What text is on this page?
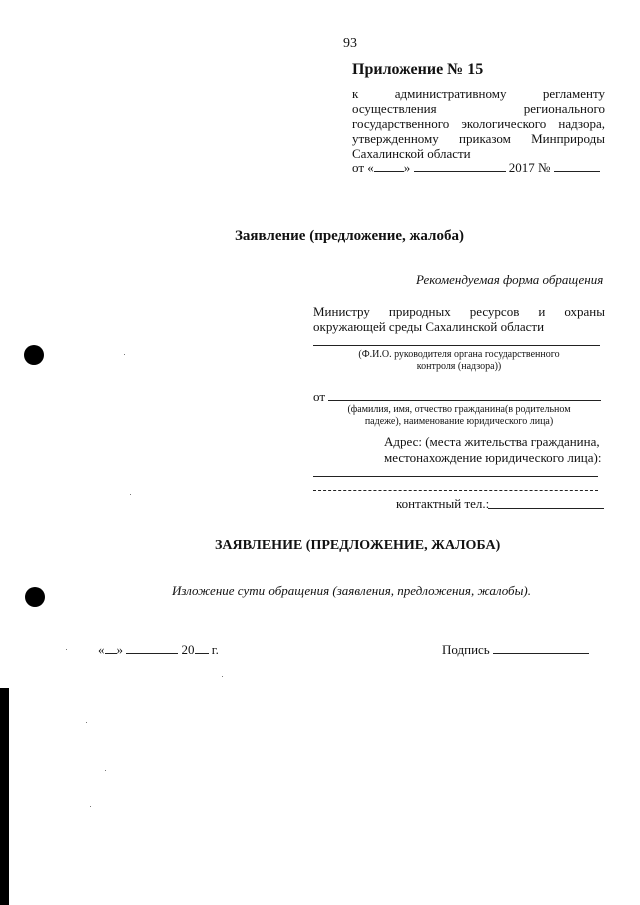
93
Приложение № 15
к	административному	регламенту
осуществления	регионального
государственного экологического надзора,
утвержденному приказом Минприроды
Сахалинской области
от « »	2017 №
Заявление (предложение, жалоба)
Рекомендуемая форма обращения
Министру природных ресурсов и охраны
окружающей среды Сахалинской области
(Ф.И.О. руководителя органа государственного
контроля (надзора))
от
(фамилия, имя, отчество гражданина(в родительном
падеже), наименование юридического лица)
Адрес: (места жительства гражданина,
местонахождение юридического лица):
контактный тел.:
ЗАЯВЛЕНИЕ (ПРЕДЛОЖЕНИЕ, ЖАЛОБА)
Изложение сути обращения (заявления, предложения, жалобы).
« »	20 г.	Подпись
